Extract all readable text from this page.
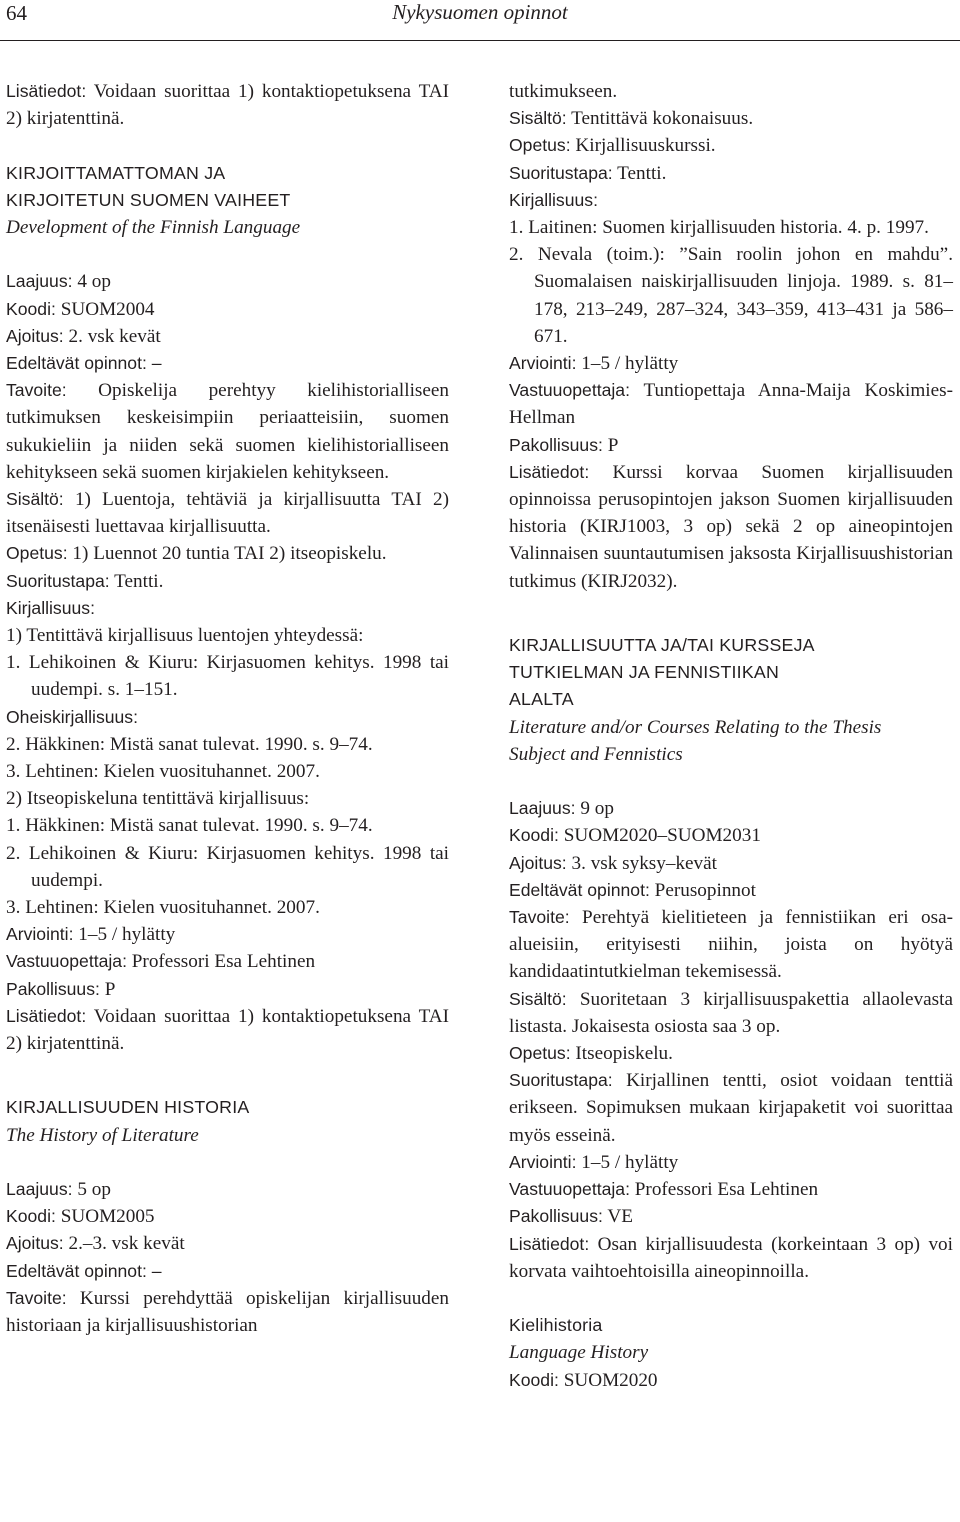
64	Nykysuomen opinnot

Lisätiedot: Voidaan suorittaa 1) kontaktiopetuksena TAI 2) kirjatenttinä.

KIRJOITTAMATTOMAN JA

KIRJOITETUN SUOMEN VAIHEET

Development of the Finnish Language

Laajuus: 4 op

Koodi: SUOM2004

Ajoitus: 2. vsk kevät

Edeltävät opinnot: –

Tavoite: Opiskelija perehtyy kielihistorialliseen tutkimuksen keskeisimpiin periaatteisiin, suomen sukukieliin ja niiden sekä suomen kielihistorialliseen kehitykseen sekä suomen kirjakielen kehitykseen.

Sisältö: 1) Luentoja, tehtäviä ja kirjallisuutta TAI 2) itsenäisesti luettavaa kirjallisuutta.

Opetus: 1) Luennot 20 tuntia TAI 2) itseopiskelu.

Suoritustapa: Tentti.

Kirjallisuus:

1) Tentittävä kirjallisuus luentojen yhteydessä:

1. Lehikoinen & Kiuru: Kirjasuomen kehitys. 1998 tai uudempi. s. 1–151.

Oheiskirjallisuus:

2. Häkkinen: Mistä sanat tulevat. 1990. s. 9–74.

3. Lehtinen: Kielen vuosituhannet. 2007.

2) Itseopiskeluna tentittävä kirjallisuus:

1. Häkkinen: Mistä sanat tulevat. 1990. s. 9–74.

2. Lehikoinen & Kiuru: Kirjasuomen kehitys. 1998 tai uudempi.

3. Lehtinen: Kielen vuosituhannet. 2007.

Arviointi: 1–5 / hylätty

Vastuuopettaja: Professori Esa Lehtinen

Pakollisuus: P

Lisätiedot: Voidaan suorittaa 1) kontaktiopetuksena TAI 2) kirjatenttinä.

KIRJALLISUUDEN HISTORIA

The History of Literature

Laajuus: 5 op

Koodi: SUOM2005

Ajoitus: 2.–3. vsk kevät

Edeltävät opinnot: –

Tavoite: Kurssi perehdyttää opiskelijan kirjallisuuden historiaan ja kirjallisuushistorian

tutkimukseen.

Sisältö: Tentittävä kokonaisuus.

Opetus: Kirjallisuuskurssi.

Suoritustapa: Tentti.

Kirjallisuus:

1. Laitinen: Suomen kirjallisuuden historia. 4. p. 1997.

2. Nevala (toim.): ”Sain roolin johon en mahdu”. Suomalaisen naiskirjallisuuden linjoja. 1989. s. 81–178, 213–249, 287–324, 343–359, 413–431 ja 586–671.

Arviointi: 1–5 / hylätty

Vastuuopettaja: Tuntiopettaja Anna-Maija Koskimies-Hellman

Pakollisuus: P

Lisätiedot: Kurssi korvaa Suomen kirjallisuuden opinnoissa perusopintojen jakson Suomen kirjallisuuden historia (KIRJ1003, 3 op) sekä 2 op aineopintojen Valinnaisen suuntautumisen jaksosta Kirjallisuushistorian tutkimus (KIRJ2032).

KIRJALLISUUTTA JA/TAI KURSSEJA

TUTKIELMAN JA FENNISTIIKAN

ALALTA

Literature and/or Courses Relating to the Thesis

Subject and Fennistics

Laajuus: 9 op

Koodi: SUOM2020–SUOM2031

Ajoitus: 3. vsk syksy–kevät

Edeltävät opinnot: Perusopinnot

Tavoite: Perehtyä kielitieteen ja fennistiikan eri osa-alueisiin, erityisesti niihin, joista on hyötyä kandidaatintutkielman tekemisessä.

Sisältö: Suoritetaan 3 kirjallisuuspakettia allaolevasta listasta. Jokaisesta osiosta saa 3 op.

Opetus: Itseopiskelu.

Suoritustapa: Kirjallinen tentti, osiot voidaan tenttiä erikseen. Sopimuksen mukaan kirjapaketit voi suorittaa myös esseinä.

Arviointi: 1–5 / hylätty

Vastuuopettaja: Professori Esa Lehtinen

Pakollisuus: VE

Lisätiedot: Osan kirjallisuudesta (korkeintaan 3 op) voi korvata vaihtoehtoisilla aineopinnoilla.

Kielihistoria

Language History

Koodi: SUOM2020
